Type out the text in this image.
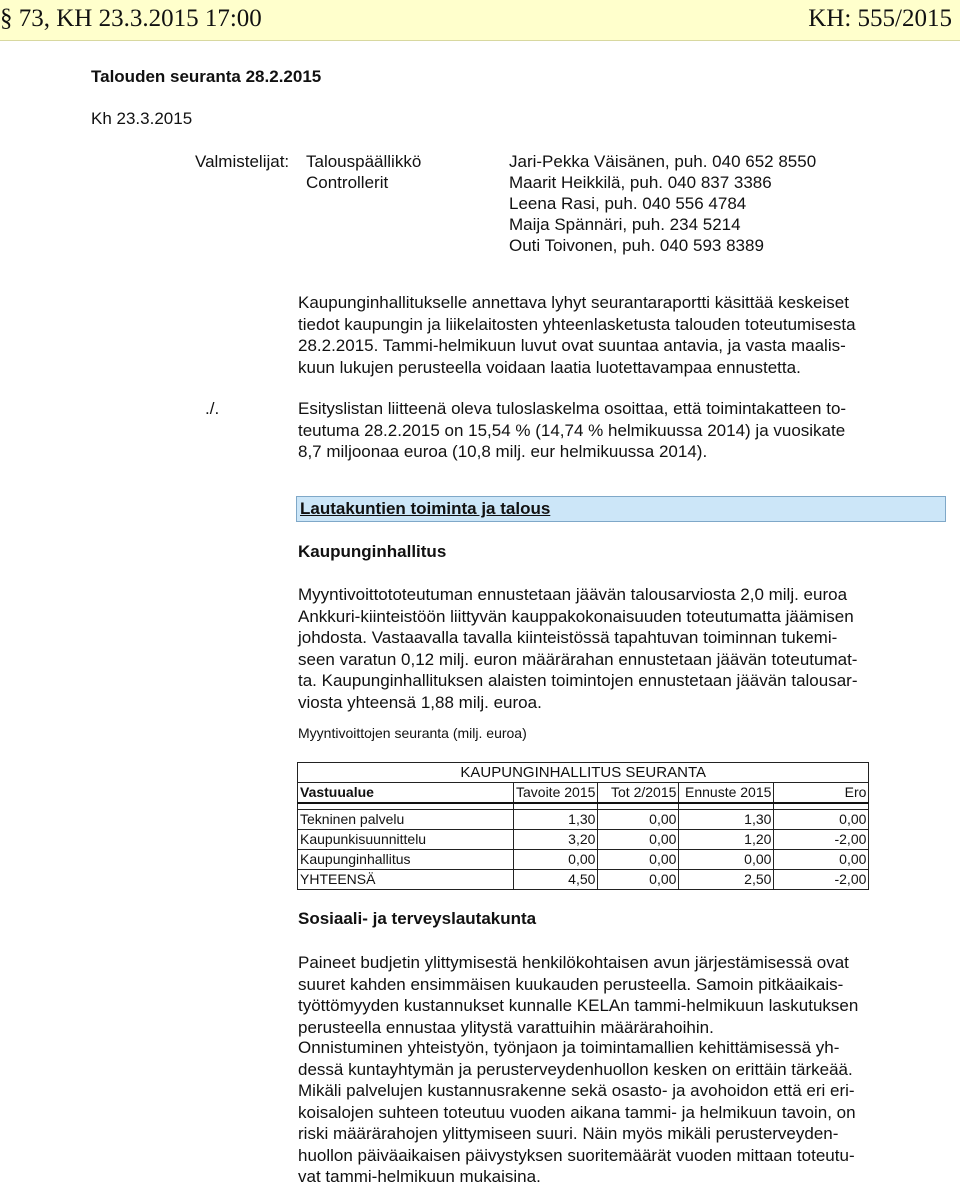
§ 73, KH 23.3.2015 17:00	KH: 555/2015
Talouden seuranta 28.2.2015
Kh 23.3.2015
Valmistelijat: Talouspäällikkö	Jari-Pekka Väisänen, puh. 040 652 8550
Controllerit	Maarit Heikkilä, puh. 040 837 3386
Leena Rasi, puh. 040 556 4784
Maija Spännäri, puh. 234 5214
Outi Toivonen, puh. 040 593 8389
Kaupunginhallitukselle annettava lyhyt seurantaraportti käsittää keskeiset
tiedot kaupungin ja liikelaitosten yhteenlasketusta talouden toteutumisesta
28.2.2015. Tammi-helmikuun luvut ovat suuntaa antavia, ja vasta maalis-
kuun lukujen perusteella voidaan laatia luotettavampaa ennustetta.
./.	Esityslistan liitteenä oleva tuloslaskelma osoittaa, että toimintakatteen to-
teutuma 28.2.2015 on 15,54 % (14,74 % helmikuussa 2014) ja vuosikate
8,7 miljoonaa euroa (10,8 milj. eur helmikuussa 2014).
Lautakuntien toiminta ja talous
Kaupunginhallitus
Myyntivoittototeutuman ennustetaan jäävän talousarviosta 2,0 milj. euroa
Ankkuri-kiinteistöön liittyvän kauppakokonaisuuden toteutumatta jäämisen
johdosta. Vastaavalla tavalla kiinteistössä tapahtuvan toiminnan tukemi-
seen varatun 0,12 milj. euron määrärahan ennustetaan jäävän toteutumat-
ta. Kaupunginhallituksen alaisten toimintojen ennustetaan jäävän talousar-
viosta yhteensä 1,88 milj. euroa.
Myyntivoittojen seuranta (milj. euroa)
KAUPUNGINHALLITUS SEURANTA				
Vastuualue	Tavoite 2015	Tot 2/2015	Ennuste 2015	Ero

Tekninen palvelu	1,30	0,00	1,30	0,00
Kaupunkisuunnittelu	3,20	0,00	1,20	-2,00
Kaupunginhallitus	0,00	0,00	0,00	0,00
YHTEENSÄ	4,50	0,00	2,50	-2,00
Sosiaali- ja terveyslautakunta
Paineet budjetin ylittymisestä henkilökohtaisen avun järjestämisessä ovat
suuret kahden ensimmäisen kuukauden perusteella. Samoin pitkäaikais-
työttömyyden kustannukset kunnalle KELAn tammi-helmikuun laskutuksen
perusteella ennustaa ylitystä varattuihin määrärahoihin.
Onnistuminen yhteistyön, työnjaon ja toimintamallien kehittämisessä yh-
dessä kuntayhtymän ja perusterveydenhuollon kesken on erittäin tärkeää.
Mikäli palvelujen kustannusrakenne sekä osasto- ja avohoidon että eri eri-
koisalojen suhteen toteutuu vuoden aikana tammi- ja helmikuun tavoin, on
riski määrärahojen ylittymiseen suuri. Näin myös mikäli perusterveyden-
huollon päiväaikaisen päivystyksen suoritemäärät vuoden mittaan toteutu-
vat tammi-helmikuun mukaisina.
